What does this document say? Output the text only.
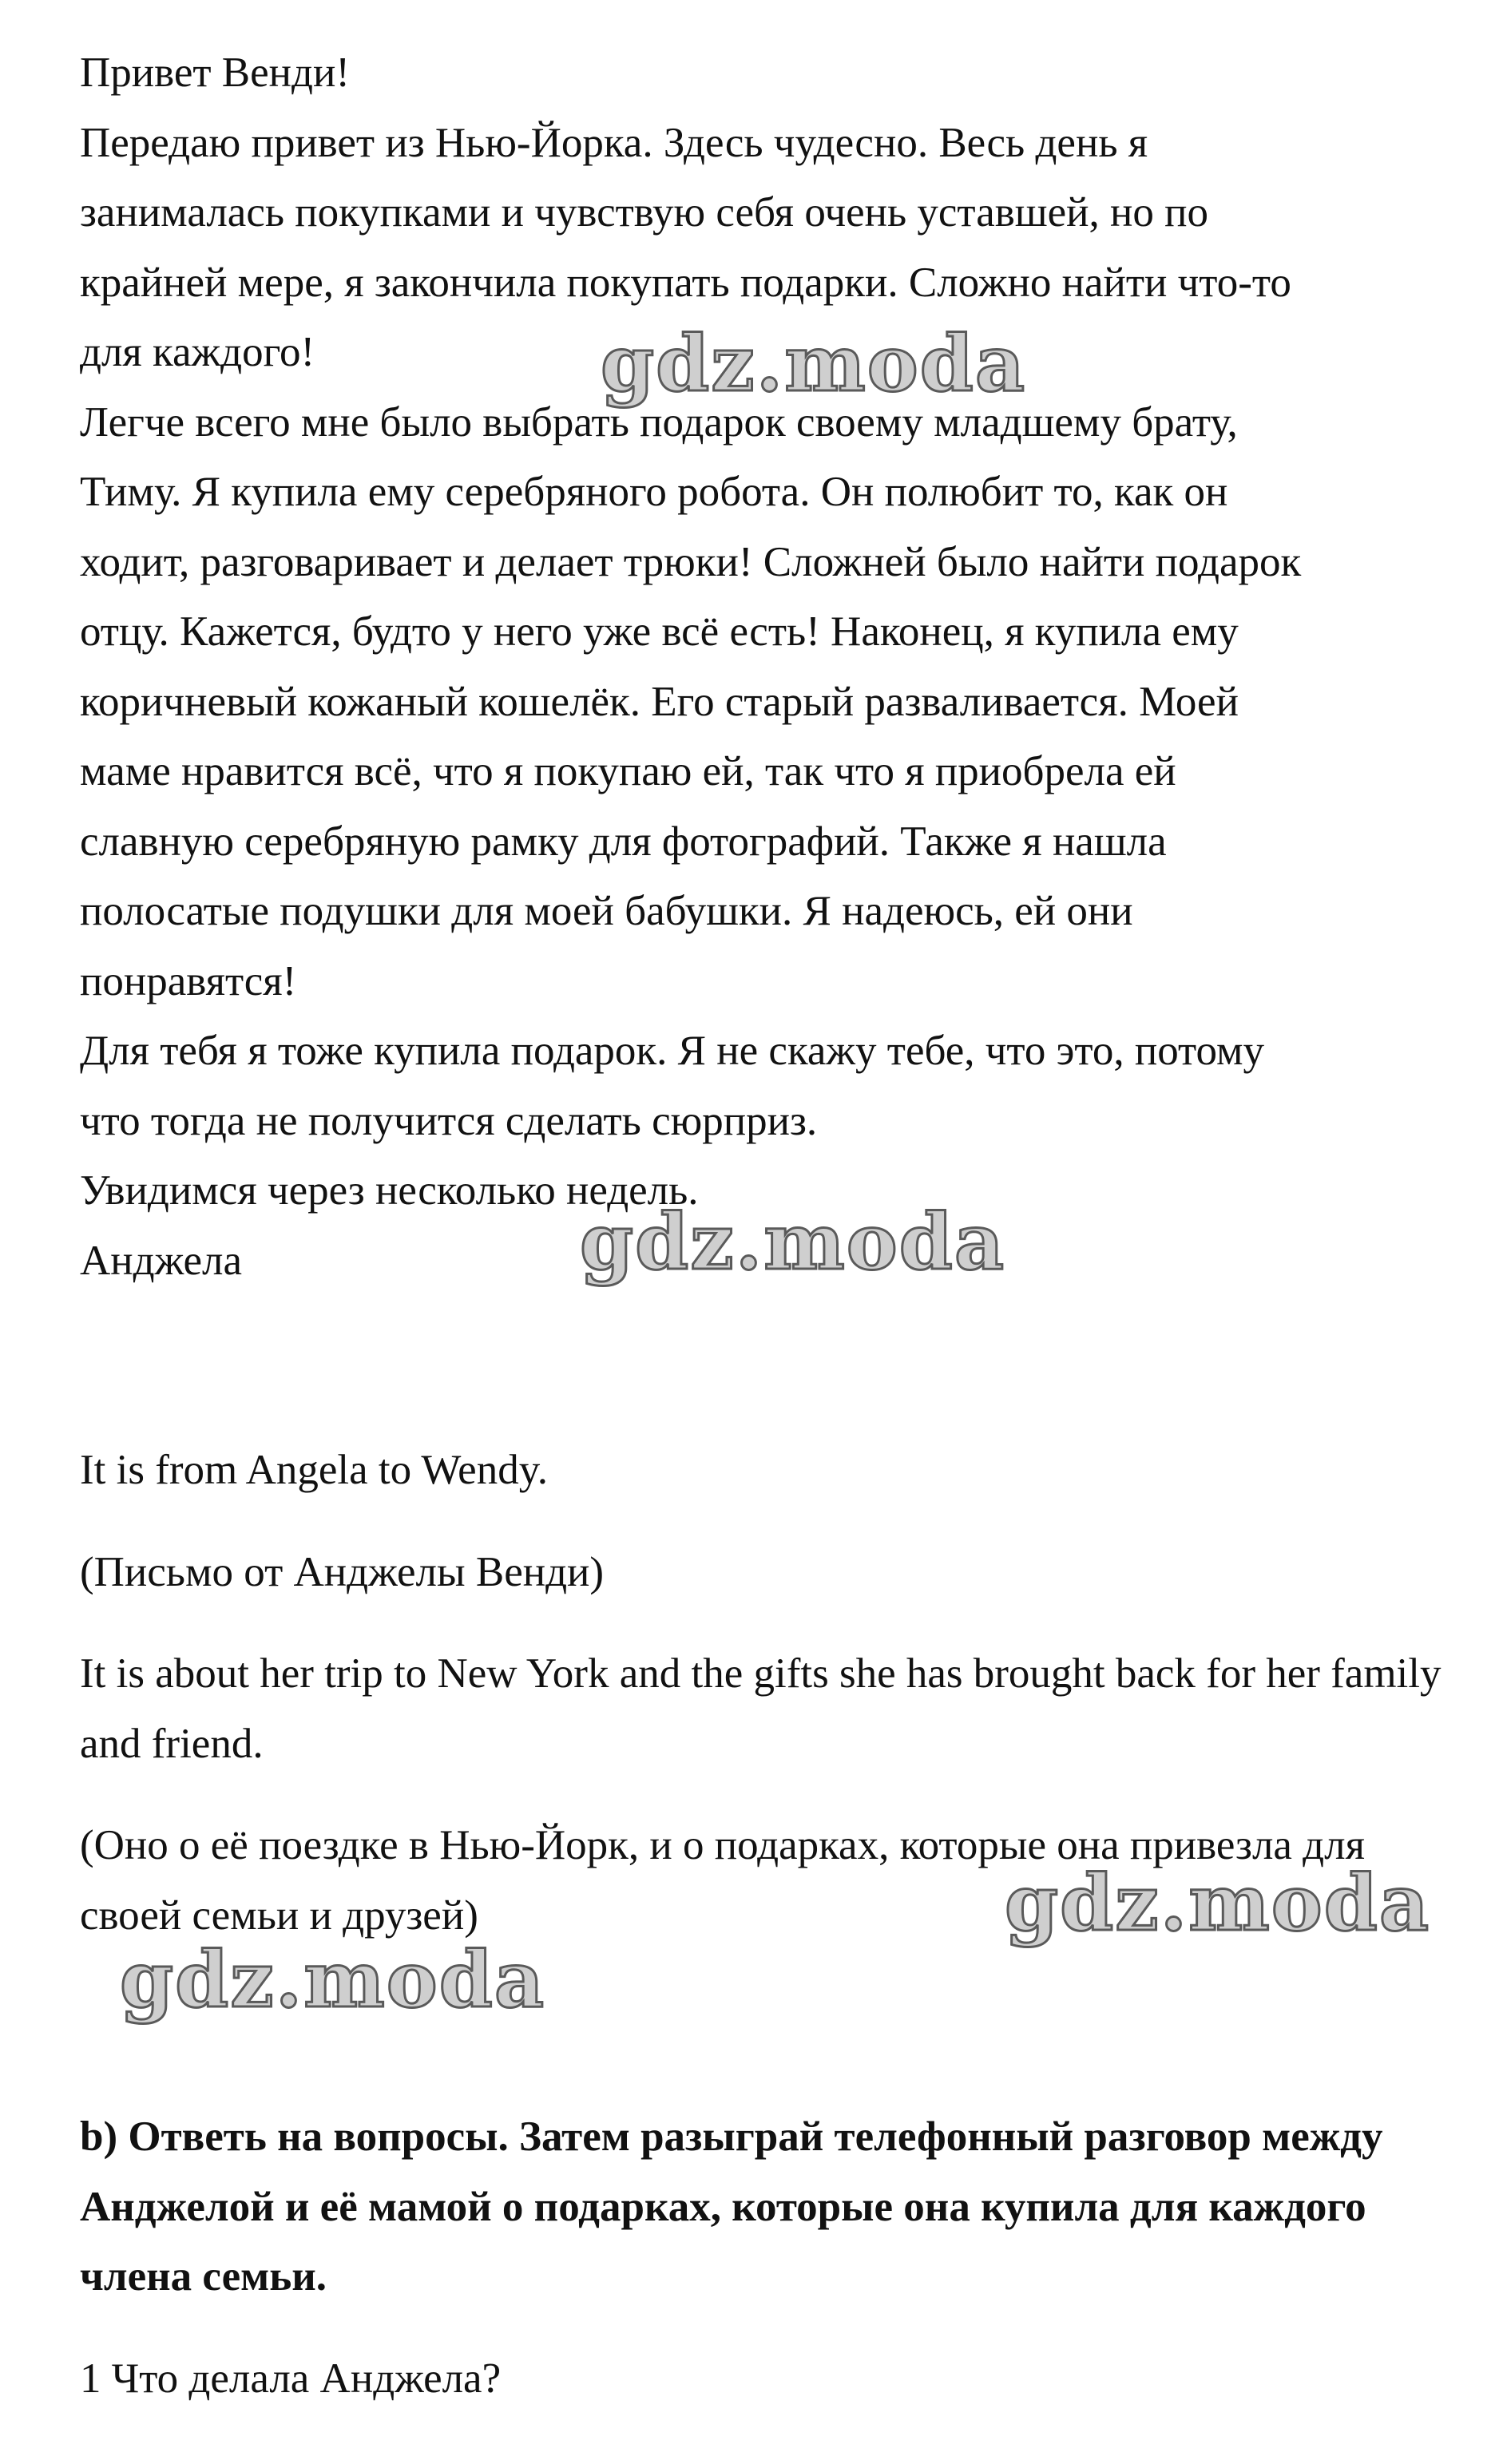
Привет Венди!
Передаю привет из Нью-Йорка. Здесь чудесно. Весь день я
занималась покупками и чувствую себя очень уставшей, но по
крайней мере, я закончила покупать подарки. Сложно найти что-то
для каждого!
Легче всего мне было выбрать подарок своему младшему брату,
Тиму. Я купила ему серебряного робота. Он полюбит то, как он
ходит, разговаривает и делает трюки! Сложней было найти подарок
отцу. Кажется, будто у него уже всё есть! Наконец, я купила ему
коричневый кожаный кошелёк. Его старый разваливается. Моей
маме нравится всё, что я покупаю ей, так что я приобрела ей
славную серебряную рамку для фотографий. Также я нашла
полосатые подушки для моей бабушки. Я надеюсь, ей они
понравятся!
Для тебя я тоже купила подарок. Я не скажу тебе, что это, потому
что тогда не получится сделать сюрприз.
Увидимся через несколько недель.
Анджела

It is from Angela to Wendy.

(Письмо от Анджелы Венди)

It is about her trip to New York and the gifts she has brought back for her family and friend.

(Оно о её поездке в Нью-Йорк, и о подарках, которые она привезла для своей семьи и друзей)

b) Ответь на вопросы. Затем разыграй телефонный разговор между Анджелой и её мамой о подарках, которые она купила для каждого члена семьи.

1 Что делала Анджела?

gdz.moda
gdz.moda
gdz.moda
gdz.moda
